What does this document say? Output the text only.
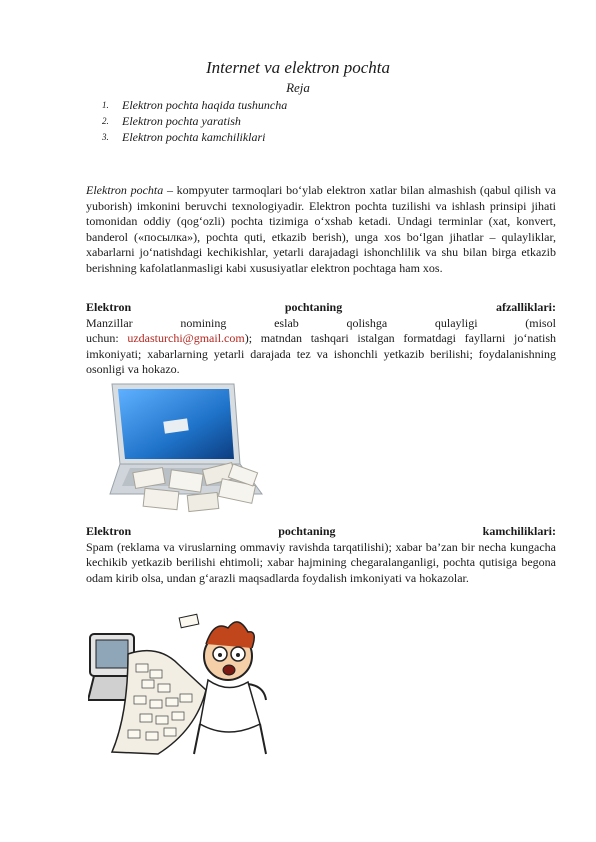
Internet va elektron pochta
Reja
1.	Elektron pochta haqida tushuncha
2.	Elektron pochta yaratish
3.	Elektron pochta kamchiliklari
Elektron pochta – kompyuter tarmoqlari bo‘ylab elektron xatlar bilan almashish (qabul qilish va yuborish) imkonini beruvchi texnologiyadir. Elektron pochta tuzilishi va ishlash prinsipi jihati tomonidan oddiy (qog‘ozli) pochta tizimiga o‘xshab ketadi. Undagi terminlar (xat, konvert, banderol («посылка»), pochta quti, etkazib berish), unga xos bo‘lgan jihatlar – qulayliklar, xabarlarni jo‘natishdagi kechikishlar, yetarli darajadagi ishonchlilik va shu bilan birga etkazib berishning kafolatlanmasligi kabi xususiyatlar elektron pochtaga ham xos.
Elektron	pochtaning	afzalliklari:
Manzillar	nomining	eslab	qolishga	qulayligi	(misol
uchun: uzdasturchi@gmail.com); matndan tashqari istalgan formatdagi fayllarni jo‘natish imkoniyati; xabarlarning yetarli darajada tez va ishonchli yetkazib berilishi; foydalanishning osonligi va hokazo.
Elektron	pochtaning	kamchiliklari:
Spam (reklama va viruslarning ommaviy ravishda tarqatilishi); xabar ba’zan bir necha kungacha kechikib yetkazib berilishi ehtimoli; xabar hajmining chegaralanganligi, pochta qutisiga begona odam kirib olsa, undan g‘arazli maqsadlarda foydalish imkoniyati va hokazolar.
